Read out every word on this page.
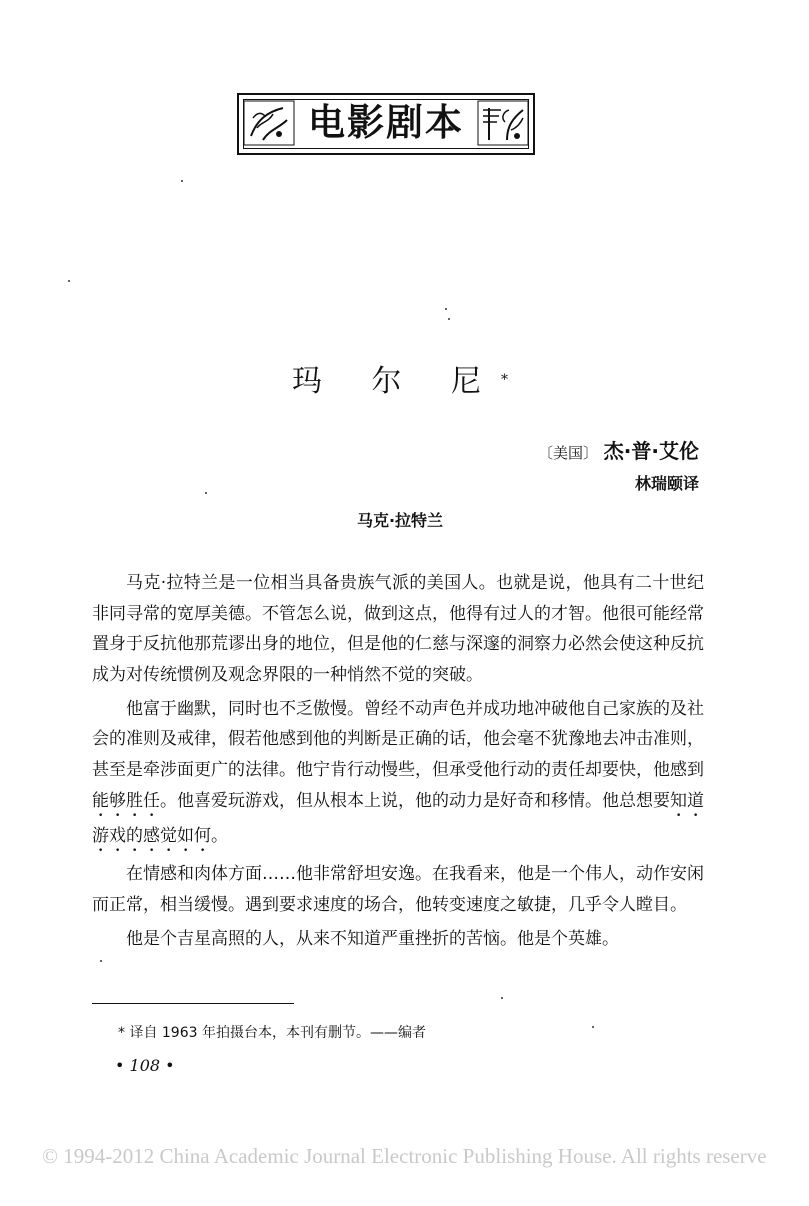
电影剧本
玛 尔 尼*
〔美国〕 杰·普·艾伦
林瑞颐译
马克·拉特兰

马克·拉特兰是一位相当具备贵族气派的美国人。也就是说，他具有二十世纪非同寻常的宽厚美德。不管怎么说，做到这点，他得有过人的才智。他很可能经常置身于反抗他那荒谬出身的地位，但是他的仁慈与深邃的洞察力必然会使这种反抗成为对传统惯例及观念界限的一种悄然不觉的突破。

他富于幽默，同时也不乏傲慢。曾经不动声色并成功地冲破他自己家族的及社会的准则及戒律，假若他感到他的判断是正确的话，他会毫不犹豫地去冲击准则，甚至是牵涉面更广的法律。他宁肯行动慢些，但承受他行动的责任却要快，他感到能够胜任。他喜爱玩游戏，但从根本上说，他的动力是好奇和移情。他总想要知道游戏的感觉如何。

在情感和肉体方面……他非常舒坦安逸。在我看来，他是一个伟人，动作安闲而正常，相当缓慢。遇到要求速度的场合，他转变速度之敏捷，几乎令人瞠目。

他是个吉星高照的人，从来不知道严重挫折的苦恼。他是个英雄。

* 译自 1963 年拍摄台本，本刊有删节。——编者
• 108 •
© 1994-2012 China Academic Journal Electronic Publishing House. All rights reserve
